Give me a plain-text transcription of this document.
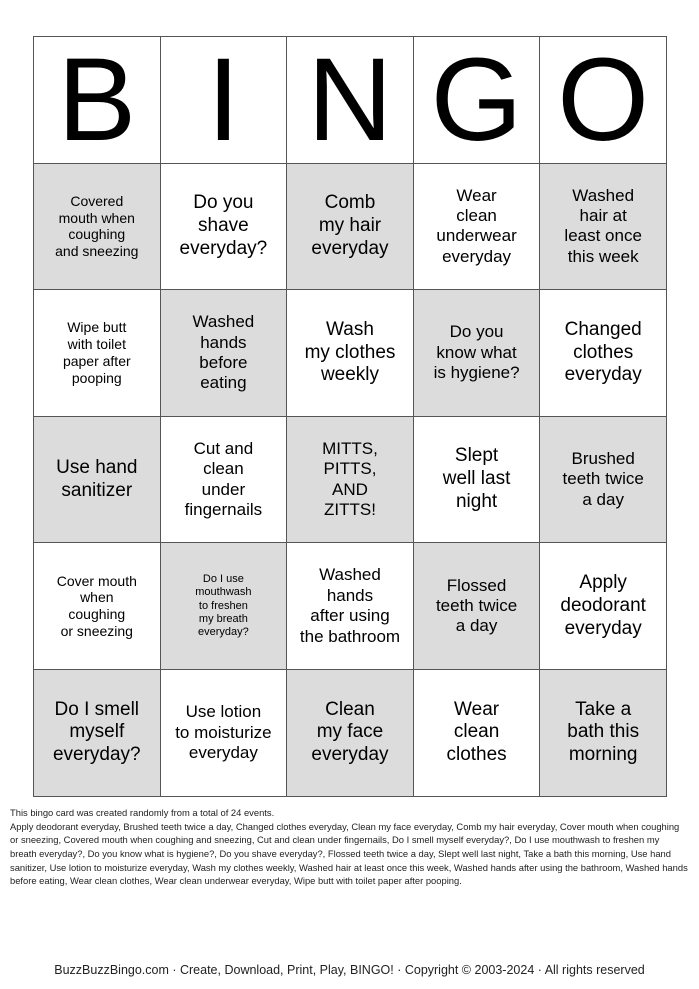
B I N G O
Covered
mouth when
coughing
and sneezing
Do you
shave
everyday?
Comb
my hair
everyday
Wear
clean
underwear
everyday
Washed
hair at
least once
this week
Wipe butt
with toilet
paper after
pooping
Washed
hands
before
eating
Wash
my clothes
weekly
Do you
know what
is hygiene?
Changed
clothes
everyday
Use hand
sanitizer
Cut and
clean
under
fingernails
MITTS,
PITTS,
AND
ZITTS!
Slept
well last
night
Brushed
teeth twice
a day
Cover mouth
when
coughing
or sneezing
Do I use
mouthwash
to freshen
my breath
everyday?
Washed
hands
after using
the bathroom
Flossed
teeth twice
a day
Apply
deodorant
everyday
Do I smell
myself
everyday?
Use lotion
to moisturize
everyday
Clean
my face
everyday
Wear
clean
clothes
Take a
bath this
morning

This bingo card was created randomly from a total of 24 events.

Apply deodorant everyday, Brushed teeth twice a day, Changed clothes everyday, Clean my face everyday, Comb my hair everyday, Cover mouth when coughing or sneezing, Covered mouth when coughing and sneezing, Cut and clean under fingernails, Do I smell myself everyday?, Do I use mouthwash to freshen my breath everyday?, Do you know what is hygiene?, Do you shave everyday?, Flossed teeth twice a day, Slept well last night, Take a bath this morning, Use hand sanitizer, Use lotion to moisturize everyday, Wash my clothes weekly, Washed hair at least once this week, Washed hands after using the bathroom, Washed hands before eating, Wear clean clothes, Wear clean underwear everyday, Wipe butt with toilet paper after pooping.

BuzzBuzzBingo.com · Create, Download, Print, Play, BINGO! · Copyright © 2003-2024 · All rights reserved
